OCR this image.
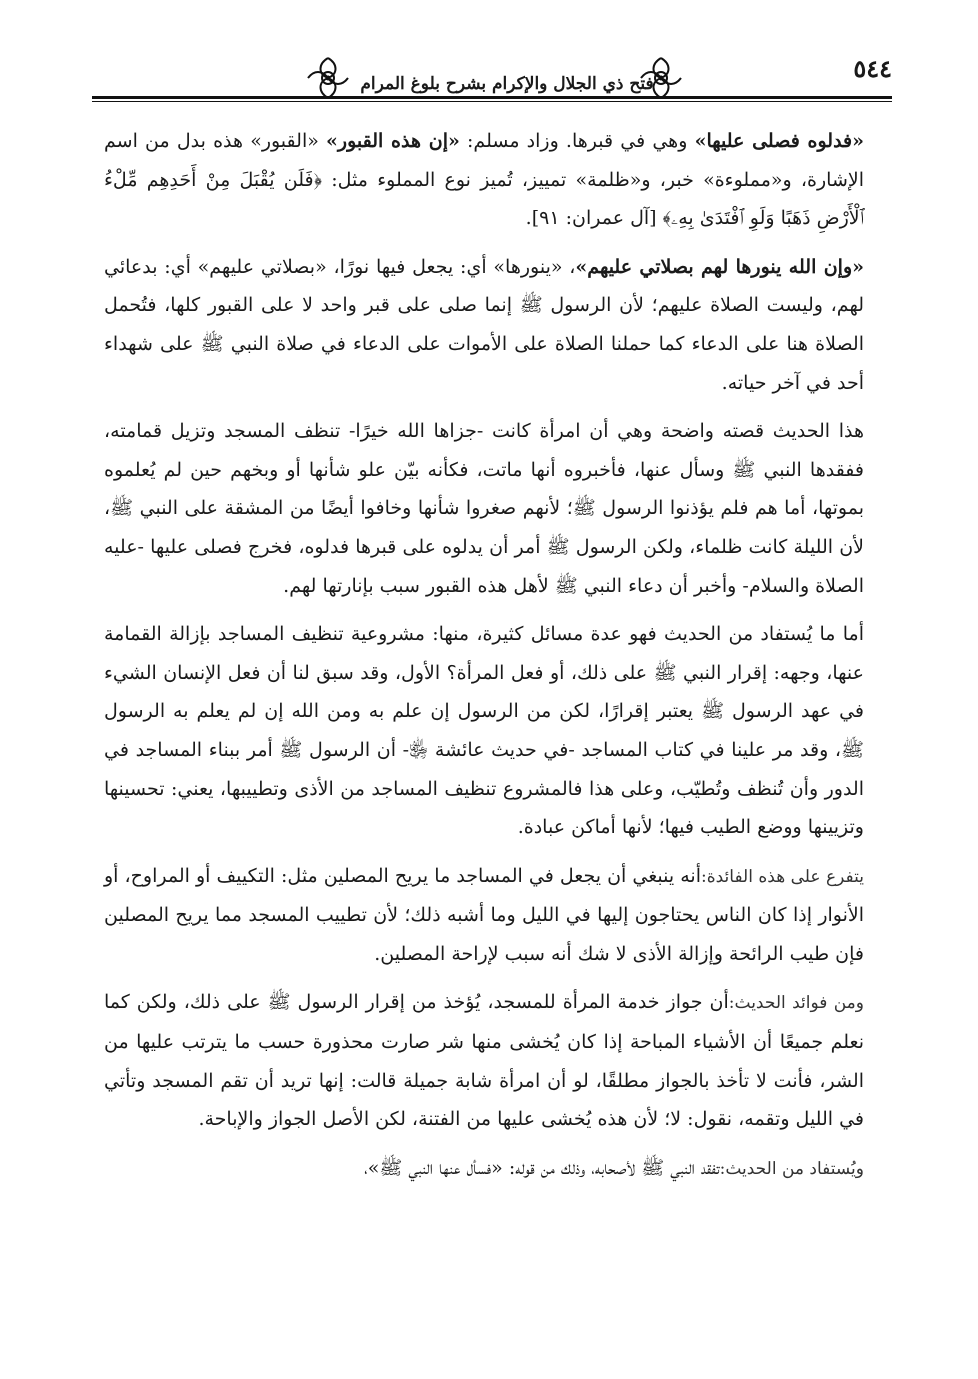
٥٤٤
فتح ذي الجلال والإكرام بشرح بلوغ المرام

«فدلوه فصلى عليها» وهي في قبرها. وزاد مسلم: «إن هذه القبور» «القبور» هذه بدل من اسم الإشارة، و«مملوءة» خبر، و«ظلمة» تمييز، تُميز نوع المملوء مثل: ﴿فَلَن يُقْبَلَ مِنْ أَحَدِهِم مِّلْءُ ٱلْأَرْضِ ذَهَبًا وَلَوِ ٱفْتَدَىٰ بِهِۦ﴾ [آل عمران: ٩١].

«وإن الله ينورها لهم بصلاتي عليهم»، «ينورها» أي: يجعل فيها نورًا، «بصلاتي عليهم» أي: بدعائي لهم، وليست الصلاة عليهم؛ لأن الرسول ﷺ إنما صلى على قبر واحد لا على القبور كلها، فتُحمل الصلاة هنا على الدعاء كما حملنا الصلاة على الأموات على الدعاء في صلاة النبي ﷺ على شهداء أحد في آخر حياته.

هذا الحديث قصته واضحة وهي أن امرأة كانت -جزاها الله خيرًا- تنظف المسجد وتزيل قمامته، ففقدها النبي ﷺ وسأل عنها، فأخبروه أنها ماتت، فكأنه بيّن علو شأنها أو وبخهم حين لم يُعلموه بموتها، أما هم فلم يؤذنوا الرسول ﷺ؛ لأنهم صغروا شأنها وخافوا أيضًا من المشقة على النبي ﷺ، لأن الليلة كانت ظلماء، ولكن الرسول ﷺ أمر أن يدلوه على قبرها فدلوه، فخرج فصلى عليها -عليه الصلاة والسلام- وأخبر أن دعاء النبي ﷺ لأهل هذه القبور سبب بإنارتها لهم.

أما ما يُستفاد من الحديث فهو عدة مسائل كثيرة، منها: مشروعية تنظيف المساجد بإزالة القمامة عنها، وجهه: إقرار النبي ﷺ على ذلك، أو فعل المرأة؟ الأول، وقد سبق لنا أن فعل الإنسان الشيء في عهد الرسول ﷺ يعتبر إقرارًا، لكن من الرسول إن علم به ومن الله إن لم يعلم به الرسول ﷺ، وقد مر علينا في كتاب المساجد -في حديث عائشة ﵂- أن الرسول ﷺ أمر ببناء المساجد في الدور وأن تُنظف وتُطيّب، وعلى هذا فالمشروع تنظيف المساجد من الأذى وتطييبها، يعني: تحسينها وتزيينها ووضع الطيب فيها؛ لأنها أماكن عبادة.

يتفرع على هذه الفائدة:أنه ينبغي أن يجعل في المساجد ما يريح المصلين مثل: التكييف أو المراوح، أو الأنوار إذا كان الناس يحتاجون إليها في الليل وما أشبه ذلك؛ لأن تطييب المسجد مما يريح المصلين فإن طيب الرائحة وإزالة الأذى لا شك أنه سبب لإراحة المصلين.

ومن فوائد الحديث:أن جواز خدمة المرأة للمسجد، يُؤخذ من إقرار الرسول ﷺ على ذلك، ولكن كما نعلم جميعًا أن الأشياء المباحة إذا كان يُخشى منها شر صارت محذورة حسب ما يترتب عليها من الشر، فأنت لا تأخذ بالجواز مطلقًا، لو أن امرأة شابة جميلة قالت: إنها تريد أن تقم المسجد وتأتي في الليل وتقمه، نقول: لا؛ لأن هذه يُخشى عليها من الفتنة، لكن الأصل الجواز والإباحة.

ويُستفاد من الحديث:تفقد النبي ﷺ لأصحابه، وذلك من قوله: «فسأل عنها النبي ﷺ»،
